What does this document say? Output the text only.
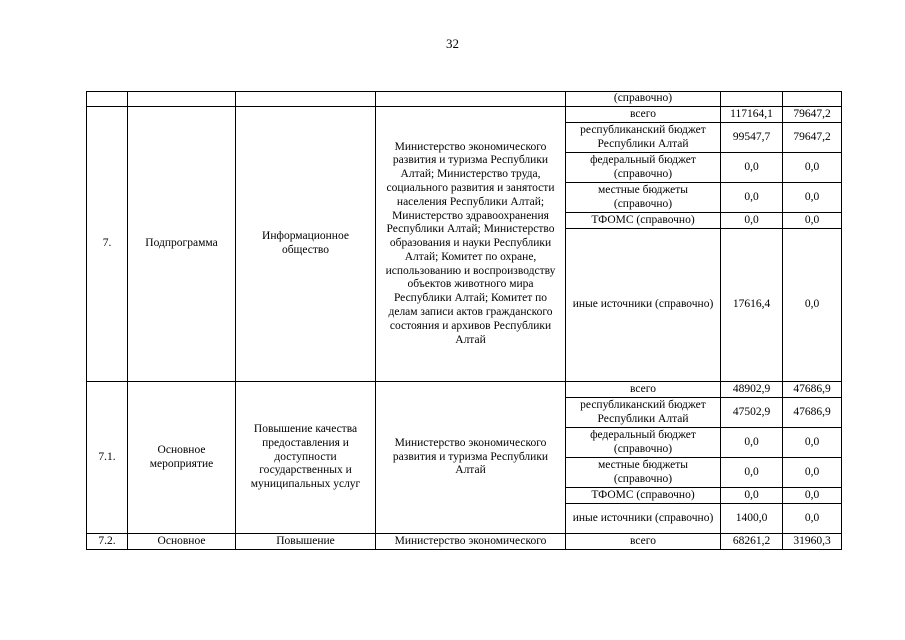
32
				(справочно)		
7.	Подпрограмма	Информационное общество	Министерство экономического развития и туризма Республики Алтай; Министерство труда, социального развития и занятости населения Республики Алтай; Министерство здравоохранения Республики Алтай; Министерство образования и науки Республики Алтай; Комитет по охране, использованию и воспроизводству объектов животного мира Республики Алтай; Комитет по делам записи актов гражданского состояния и архивов Республики Алтай	всего	117164,1	79647,2
				республиканский бюджет Республики Алтай	99547,7	79647,2
				федеральный бюджет (справочно)	0,0	0,0
				местные бюджеты (справочно)	0,0	0,0
				ТФОМС (справочно)	0,0	0,0
				иные источники (справочно)	17616,4	0,0
7.1.	Основное мероприятие	Повышение качества предоставления и доступности государственных и муниципальных услуг	Министерство экономического развития и туризма Республики Алтай	всего	48902,9	47686,9
				республиканский бюджет Республики Алтай	47502,9	47686,9
				федеральный бюджет (справочно)	0,0	0,0
				местные бюджеты (справочно)	0,0	0,0
				ТФОМС (справочно)	0,0	0,0
				иные источники (справочно)	1400,0	0,0
7.2.	Основное	Повышение	Министерство экономического	всего	68261,2	31960,3
